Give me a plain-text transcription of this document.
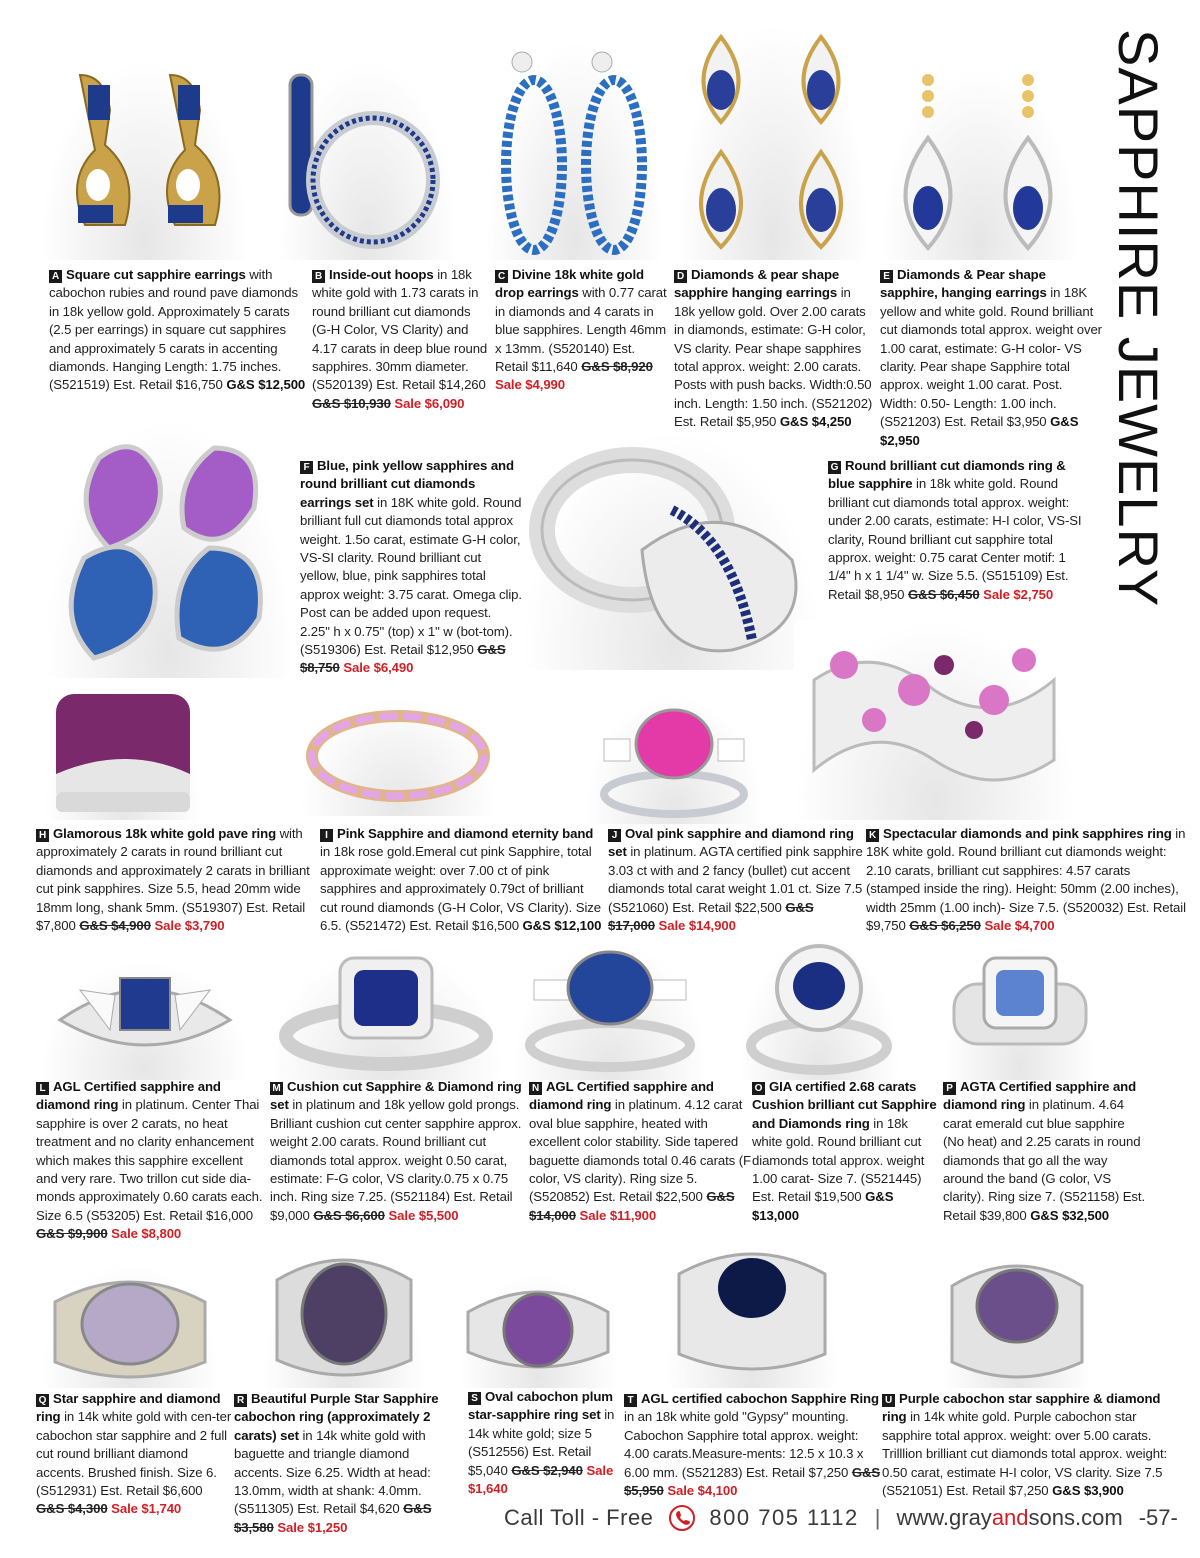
SAPPHIRE JEWELRY
A Square cut sapphire earrings with cabochon rubies and round pave diamonds in 18k yellow gold. Approximately 5 carats (2.5 per earrings) in square cut sapphires and approximately 5 carats in accenting diamonds. Hanging Length: 1.75 inches. (S521519) Est. Retail $16,750 G&S $12,500
B Inside-out hoops in 18k white gold with 1.73 carats in round brilliant cut diamonds (G-H Color, VS Clarity) and 4.17 carats in deep blue round sapphires. 30mm diameter. (S520139) Est. Retail $14,260 G&S $10,930 Sale $6,090
C Divine 18k white gold drop earrings with 0.77 carat in diamonds and 4 carats in blue sapphires. Length 46mm x 13mm. (S520140) Est. Retail $11,640 G&S $8,920 Sale $4,990
D Diamonds & pear shape sapphire hanging earrings in 18k yellow gold. Over 2.00 carats in diamonds, estimate: G-H color, VS clarity. Pear shape sapphires total approx. weight: 2.00 carats. Posts with push backs. Width:0.50 inch. Length: 1.50 inch. (S521202) Est. Retail $5,950 G&S $4,250
E Diamonds & Pear shape sapphire, hanging earrings in 18K yellow and white gold. Round brilliant cut diamonds total approx. weight over 1.00 carat, estimate: G-H color- VS clarity. Pear shape Sapphire total approx. weight 1.00 carat. Post. Width: 0.50- Length: 1.00 inch. (S521203) Est. Retail $3,950 G&S $2,950
F Blue, pink yellow sapphires and round brilliant cut diamonds earrings set in 18K white gold. Round brilliant full cut diamonds total approx weight. 1.5o carat, estimate G-H color, VS-SI clarity. Round brilliant cut yellow, blue, pink sapphires total approx weight: 3.75 carat. Omega clip. Post can be added upon request. 2.25" h x 0.75" (top) x 1" w (bot-tom). (S519306) Est. Retail $12,950 G&S $8,750 Sale $6,490
G Round brilliant cut diamonds ring & blue sapphire in 18k white gold. Round brilliant cut diamonds total approx. weight: under 2.00 carats, estimate: H-I color, VS-SI clarity, Round brilliant cut sapphire total approx. weight: 0.75 carat Center motif: 1 1/4" h x 1 1/4" w. Size 5.5. (S515109) Est. Retail $8,950 G&S $6,450 Sale $2,750
H Glamorous 18k white gold pave ring with approximately 2 carats in round brilliant cut diamonds and approximately 2 carats in brilliant cut pink sapphires. Size 5.5, head 20mm wide 18mm long, shank 5mm. (S519307) Est. Retail $7,800 G&S $4,900 Sale $3,790
I Pink Sapphire and diamond eternity band in 18k rose gold.Emeral cut pink Sapphire, total approximate weight: over 7.00 ct of pink sapphires and approximately 0.79ct of brilliant cut round diamonds (G-H Color, VS Clarity). Size 6.5. (S521472) Est. Retail $16,500 G&S $12,100
J Oval pink sapphire and diamond ring set in platinum. AGTA certified pink sapphire 3.03 ct with and 2 fancy (bullet) cut accent diamonds total carat weight 1.01 ct. Size 7.5 (S521060) Est. Retail $22,500 G&S $17,000 Sale $14,900
K Spectacular diamonds and pink sapphires ring in 18K white gold. Round brilliant cut diamonds weight: 2.10 carats, brilliant cut sapphires: 4.57 carats (stamped inside the ring). Height: 50mm (2.00 inches), width 25mm (1.00 inch)- Size 7.5. (S520032) Est. Retail $9,750 G&S $6,250 Sale $4,700
L AGL Certified sapphire and diamond ring in platinum. Center Thai sapphire is over 2 carats, no heat treatment and no clarity enhancement which makes this sapphire excellent and very rare. Two trillon cut side dia-monds approximately 0.60 carats each. Size 6.5 (S53205) Est. Retail $16,000 G&S $9,900 Sale $8,800
M Cushion cut Sapphire & Diamond ring set in platinum and 18k yellow gold prongs. Brilliant cushion cut center sapphire approx. weight 2.00 carats. Round brilliant cut diamonds total approx. weight 0.50 carat, estimate: F-G color, VS clarity.0.75 x 0.75 inch. Ring size 7.25. (S521184) Est. Retail $9,000 G&S $6,600 Sale $5,500
N AGL Certified sapphire and diamond ring in platinum. 4.12 carat oval blue sapphire, heated with excellent color stability. Side tapered baguette diamonds total 0.46 carats (F color, VS clarity). Ring size 5. (S520852) Est. Retail $22,500 G&S $14,000 Sale $11,900
O GIA certified 2.68 carats Cushion brilliant cut Sapphire and Diamonds ring in 18k white gold. Round brilliant cut diamonds total approx. weight 1.00 carat- Size 7. (S521445) Est. Retail $19,500 G&S $13,000
P AGTA Certified sapphire and diamond ring in platinum. 4.64 carat emerald cut blue sapphire (No heat) and 2.25 carats in round diamonds that go all the way around the band (G color, VS clarity). Ring size 7. (S521158) Est. Retail $39,800 G&S $32,500
Q Star sapphire and diamond ring in 14k white gold with cen-ter cabochon star sapphire and 2 full cut round brilliant diamond accents. Brushed finish. Size 6. (S512931) Est. Retail $6,600 G&S $4,300 Sale $1,740
R Beautiful Purple Star Sapphire cabochon ring (approximately 2 carats) set in 14k white gold with baguette and triangle diamond accents. Size 6.25. Width at head: 13.0mm, width at shank: 4.0mm. (S511305) Est. Retail $4,620 G&S $3,580 Sale $1,250
S Oval cabochon plum star-sapphire ring set in 14k white gold; size 5 (S512556) Est. Retail $5,040 G&S $2,940 Sale $1,640
T AGL certified cabochon Sapphire Ring in an 18k white gold "Gypsy" mounting. Cabochon Sapphire total approx. weight: 4.00 carats.Measure-ments: 12.5 x 10.3 x 6.00 mm. (S521283) Est. Retail $7,250 G&S $5,950 Sale $4,100
U Purple cabochon star sapphire & diamond ring in 14k white gold. Purple cabochon star sapphire total approx. weight: over 5.00 carats. Trilllion brilliant cut diamonds total approx. weight: 0.50 carat, estimate H-I color, VS clarity. Size 7.5 (S521051) Est. Retail $7,250 G&S $3,900
Call Toll - Free	800 705 1112 | www.grayandsons.com -57-
